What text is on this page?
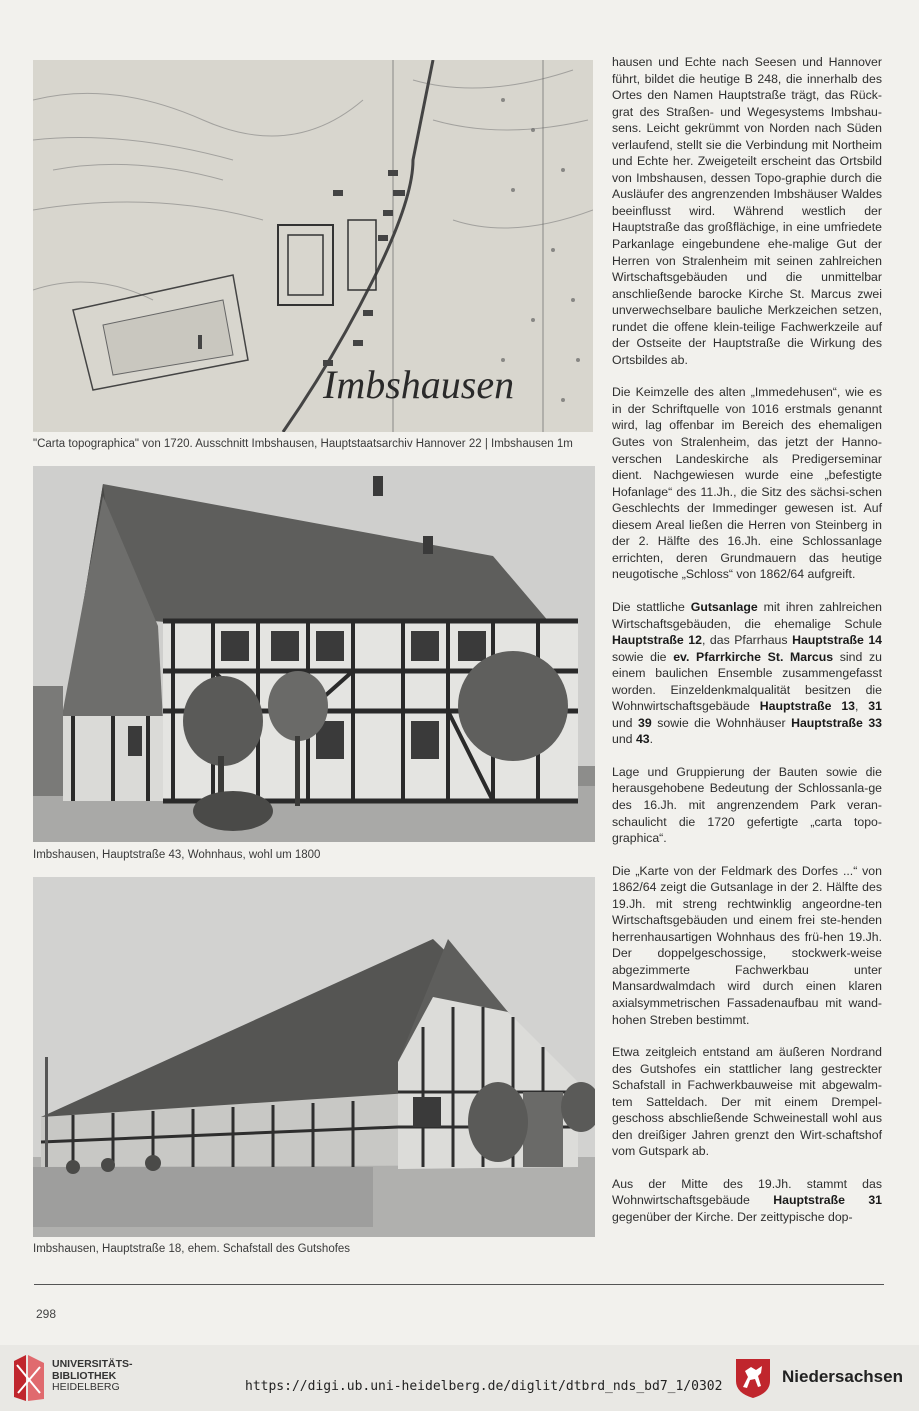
Imbshausen
"Carta topographica" von 1720. Ausschnitt Imbshausen, Hauptstaatsarchiv Hannover 22 | Imbshausen 1m
Imbshausen, Hauptstraße 43, Wohnhaus, wohl um 1800
Imbshausen, Hauptstraße 18, ehem. Schafstall des Gutshofes

hausen und Echte nach Seesen und Hannover führt, bildet die heutige B 248, die innerhalb des Ortes den Namen Hauptstraße trägt, das Rück-grat des Straßen- und Wegesystems Imbshau-sens. Leicht gekrümmt von Norden nach Süden verlaufend, stellt sie die Verbindung mit Northeim und Echte her. Zweigeteilt erscheint das Ortsbild von Imbshausen, dessen Topo-graphie durch die Ausläufer des angrenzenden Imbshäuser Waldes beeinflusst wird. Während westlich der Hauptstraße das großflächige, in eine umfriedete Parkanlage eingebundene ehe-malige Gut der Herren von Stralenheim mit seinen zahlreichen Wirtschaftsgebäuden und die unmittelbar anschließende barocke Kirche St. Marcus zwei unverwechselbare bauliche Merkzeichen setzen, rundet die offene klein-teilige Fachwerkzeile auf der Ostseite der Hauptstraße die Wirkung des Ortsbildes ab.

Die Keimzelle des alten „Immedehusen“, wie es in der Schriftquelle von 1016 erstmals genannt wird, lag offenbar im Bereich des ehemaligen Gutes von Stralenheim, das jetzt der Hanno-verschen Landeskirche als Predigerseminar dient. Nachgewiesen wurde eine „befestigte Hofanlage“ des 11.Jh., die Sitz des sächsi-schen Geschlechts der Immedinger gewesen ist. Auf diesem Areal ließen die Herren von Steinberg in der 2. Hälfte des 16.Jh. eine Schlossanlage errichten, deren Grundmauern das heutige neugotische „Schloss“ von 1862/64 aufgreift.

Die stattliche Gutsanlage mit ihren zahlreichen Wirtschaftsgebäuden, die ehemalige Schule Hauptstraße 12, das Pfarrhaus Hauptstraße 14 sowie die ev. Pfarrkirche St. Marcus sind zu einem baulichen Ensemble zusammengefasst worden. Einzeldenkmalqualität besitzen die Wohnwirtschaftsgebäude Hauptstraße 13, 31 und 39 sowie die Wohnhäuser Hauptstraße 33 und 43.

Lage und Gruppierung der Bauten sowie die herausgehobene Bedeutung der Schlossanla-ge des 16.Jh. mit angrenzendem Park veran-schaulicht die 1720 gefertigte „carta topo-graphica“.

Die „Karte von der Feldmark des Dorfes ...“ von 1862/64 zeigt die Gutsanlage in der 2. Hälfte des 19.Jh. mit streng rechtwinklig angeordne-ten Wirtschaftsgebäuden und einem frei ste-henden herrenhausartigen Wohnhaus des frü-hen 19.Jh. Der doppelgeschossige, stockwerk-weise abgezimmerte Fachwerkbau unter Mansardwalmdach wird durch einen klaren axialsymmetrischen Fassadenaufbau mit wand-hohen Streben bestimmt.

Etwa zeitgleich entstand am äußeren Nordrand des Gutshofes ein stattlicher lang gestreckter Schafstall in Fachwerkbauweise mit abgewalm-tem Satteldach. Der mit einem Drempel-geschoss abschließende Schweinestall wohl aus den dreißiger Jahren grenzt den Wirt-schaftshof vom Gutspark ab.

Aus der Mitte des 19.Jh. stammt das Wohnwirtschaftsgebäude Hauptstraße 31 gegenüber der Kirche. Der zeittypische dop-

298
UNIVERSITÄTS-
BIBLIOTHEK
HEIDELBERG	https://digi.ub.uni-heidelberg.de/diglit/dtbrd_nds_bd7_1/0302
Niedersachsen
